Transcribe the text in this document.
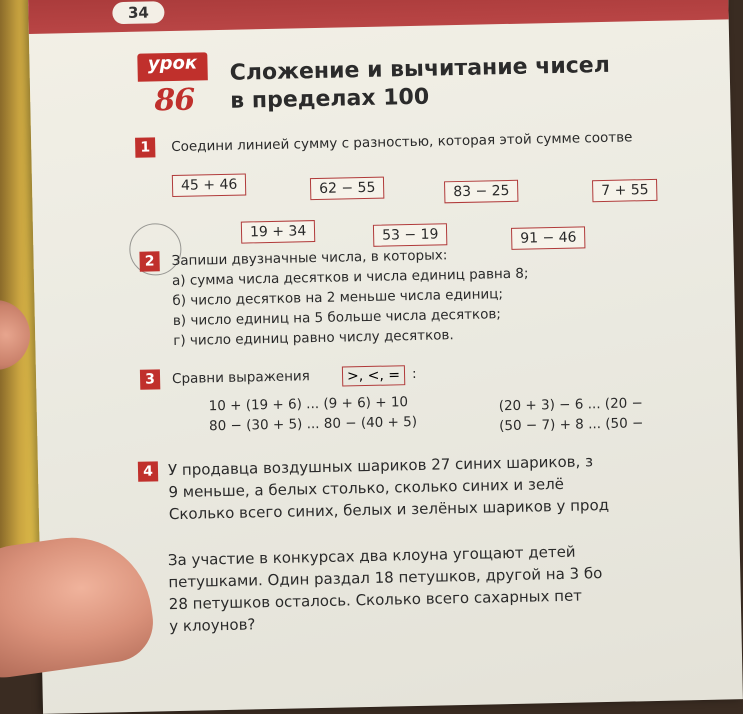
34
урок
86
Сложение и вычитание чисел
в пределах 100
1	Соедини линией сумму с разностью, которая этой сумме соотве
45 + 46	62 − 55	83 − 25	7 + 55
19 + 34	53 − 19	91 − 46
2	Запиши двузначные числа, в которых:
а) сумма числа десятков и числа единиц равна 8;
б) число десятков на 2 меньше числа единиц;
в) число единиц на 5 больше числа десятков;
г) число единиц равно числу десятков.
3	Сравни выражения	>, <, = :
10 + (19 + 6) ... (9 + 6) + 10
80 − (30 + 5) ... 80 − (40 + 5)
(20 + 3) − 6 ... (20 −
(50 − 7) + 8 ... (50 −
4 У продавца воздушных шариков 27 синих шариков, з
9 меньше, а белых столько, сколько синих и зелё
Сколько всего синих, белых и зелёных шариков у прод
За участие в конкурсах два клоуна угощают детей
петушками. Один раздал 18 петушков, другой на 3 бо
28 петушков осталось. Сколько всего сахарных пет
у клоунов?
